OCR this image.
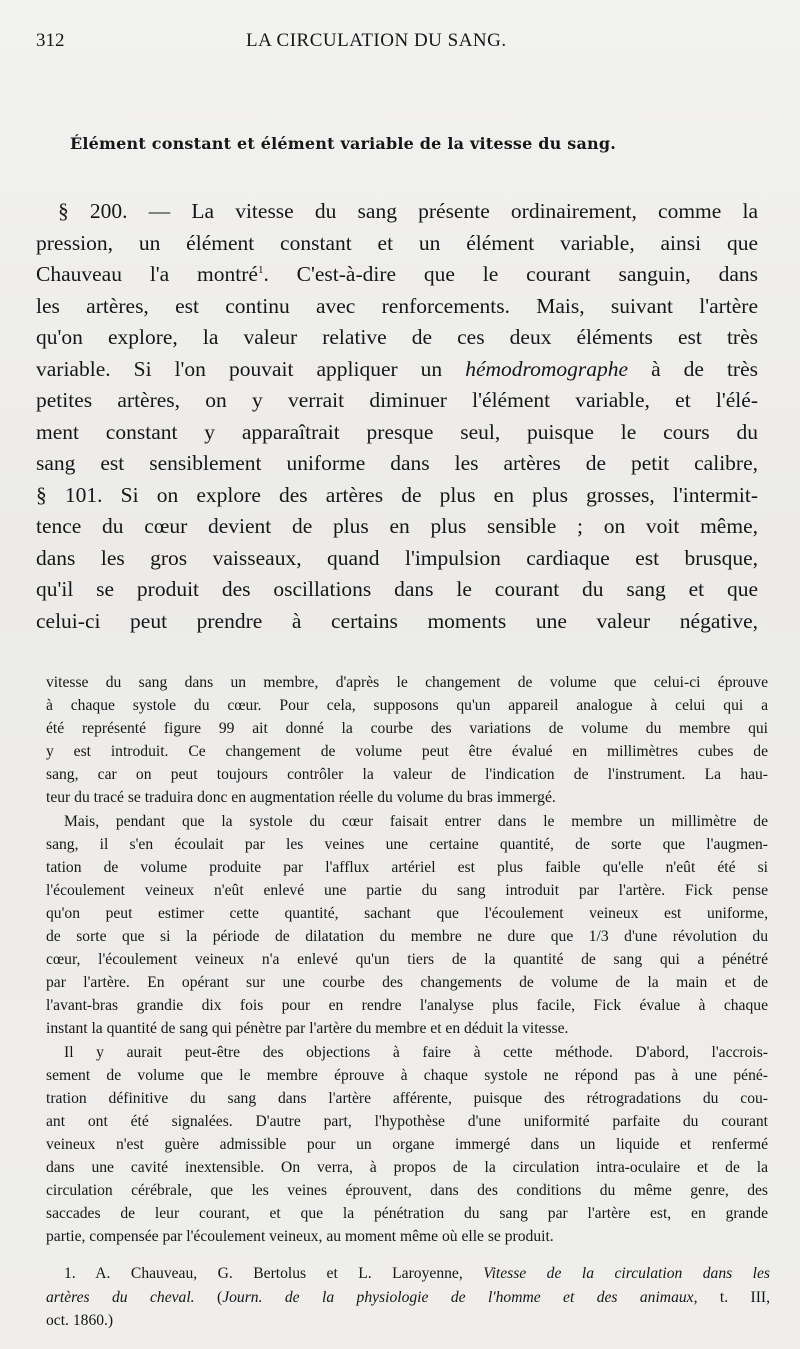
312	LA CIRCULATION DU SANG.
Élément constant et élément variable de la vitesse du sang.
§ 200. — La vitesse du sang présente ordinairement, comme la
pression, un élément constant et un élément variable, ainsi que
Chauveau l'a montré$^1$. C'est-à-dire que le courant sanguin, dans
les artères, est continu avec renforcements. Mais, suivant l'artère
qu'on explore, la valeur relative de ces deux éléments est très
variable. Si l'on pouvait appliquer un hémodromographe à de très
petites artères, on y verrait diminuer l'élément variable, et l'élé-
ment constant y apparaîtrait presque seul, puisque le cours du
sang est sensiblement uniforme dans les artères de petit calibre,
§ 101. Si on explore des artères de plus en plus grosses, l'intermit-
tence du cœur devient de plus en plus sensible ; on voit même,
dans les gros vaisseaux, quand l'impulsion cardiaque est brusque,
qu'il se produit des oscillations dans le courant du sang et que
celui-ci peut prendre à certains moments une valeur négative,
vitesse du sang dans un membre, d'après le changement de volume que celui-ci éprouve
à chaque systole du cœur. Pour cela, supposons qu'un appareil analogue à celui qui a
été représenté figure 99 ait donné la courbe des variations de volume du membre qui
y est introduit. Ce changement de volume peut être évalué en millimètres cubes de
sang, car on peut toujours contrôler la valeur de l'indication de l'instrument. La hau-
teur du tracé se traduira donc en augmentation réelle du volume du bras immergé.
Mais, pendant que la systole du cœur faisait entrer dans le membre un millimètre de
sang, il s'en écoulait par les veines une certaine quantité, de sorte que l'augmen-
tation de volume produite par l'afflux artériel est plus faible qu'elle n'eût été si
l'écoulement veineux n'eût enlevé une partie du sang introduit par l'artère. Fick pense
qu'on peut estimer cette quantité, sachant que l'écoulement veineux est uniforme,
de sorte que si la période de dilatation du membre ne dure que 1/3 d'une révolution du
cœur, l'écoulement veineux n'a enlevé qu'un tiers de la quantité de sang qui a pénétré
par l'artère. En opérant sur une courbe des changements de volume de la main et de
l'avant-bras grandie dix fois pour en rendre l'analyse plus facile, Fick évalue à chaque
instant la quantité de sang qui pénètre par l'artère du membre et en déduit la vitesse.
Il y aurait peut-être des objections à faire à cette méthode. D'abord, l'accrois-
sement de volume que le membre éprouve à chaque systole ne répond pas à une péné-
tration définitive du sang dans l'artère afférente, puisque des rétrogradations du cou-
ant ont été signalées. D'autre part, l'hypothèse d'une uniformité parfaite du courant
veineux n'est guère admissible pour un organe immergé dans un liquide et renfermé
dans une cavité inextensible. On verra, à propos de la circulation intra-oculaire et de la
circulation cérébrale, que les veines éprouvent, dans des conditions du même genre, des
saccades de leur courant, et que la pénétration du sang par l'artère est, en grande
partie, compensée par l'écoulement veineux, au moment même où elle se produit.
1. A. Chauveau, G. Bertolus et L. Laroyenne, Vitesse de la circulation dans les
artères du cheval. (Journ. de la physiologie de l'homme et des animaux, t. III,
oct. 1860.)
